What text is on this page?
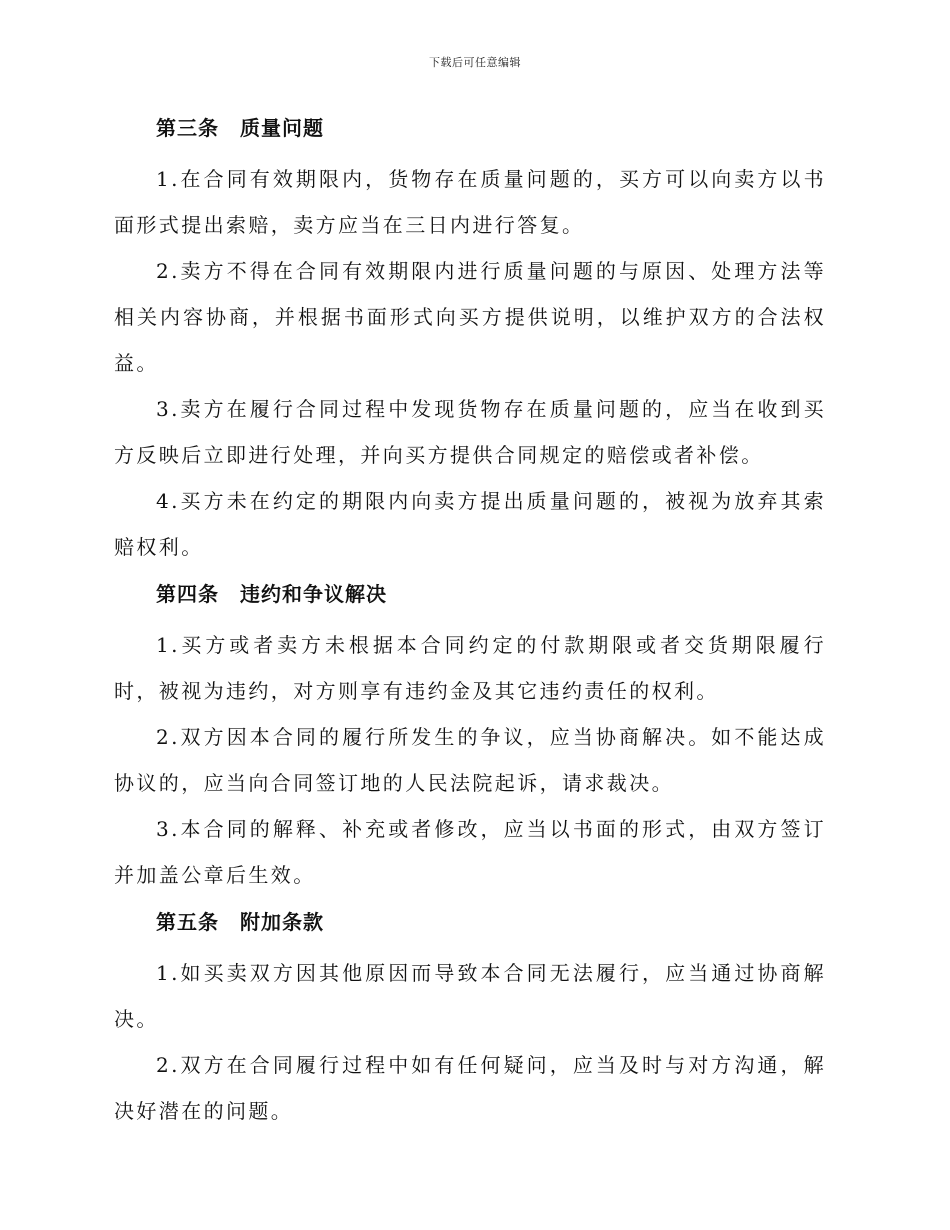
下载后可任意编辑
第三条　质量问题

1.在合同有效期限内，货物存在质量问题的，买方可以向卖方以书面形式提出索赔，卖方应当在三日内进行答复。

2.卖方不得在合同有效期限内进行质量问题的与原因、处理方法等相关内容协商，并根据书面形式向买方提供说明，以维护双方的合法权益。

3.卖方在履行合同过程中发现货物存在质量问题的，应当在收到买方反映后立即进行处理，并向买方提供合同规定的赔偿或者补偿。

4.买方未在约定的期限内向卖方提出质量问题的，被视为放弃其索赔权利。

第四条　违约和争议解决

1.买方或者卖方未根据本合同约定的付款期限或者交货期限履行时，被视为违约，对方则享有违约金及其它违约责任的权利。

2.双方因本合同的履行所发生的争议，应当协商解决。如不能达成协议的，应当向合同签订地的人民法院起诉，请求裁决。

3.本合同的解释、补充或者修改，应当以书面的形式，由双方签订并加盖公章后生效。

第五条　附加条款

1.如买卖双方因其他原因而导致本合同无法履行，应当通过协商解决。

2.双方在合同履行过程中如有任何疑问，应当及时与对方沟通，解决好潜在的问题。
